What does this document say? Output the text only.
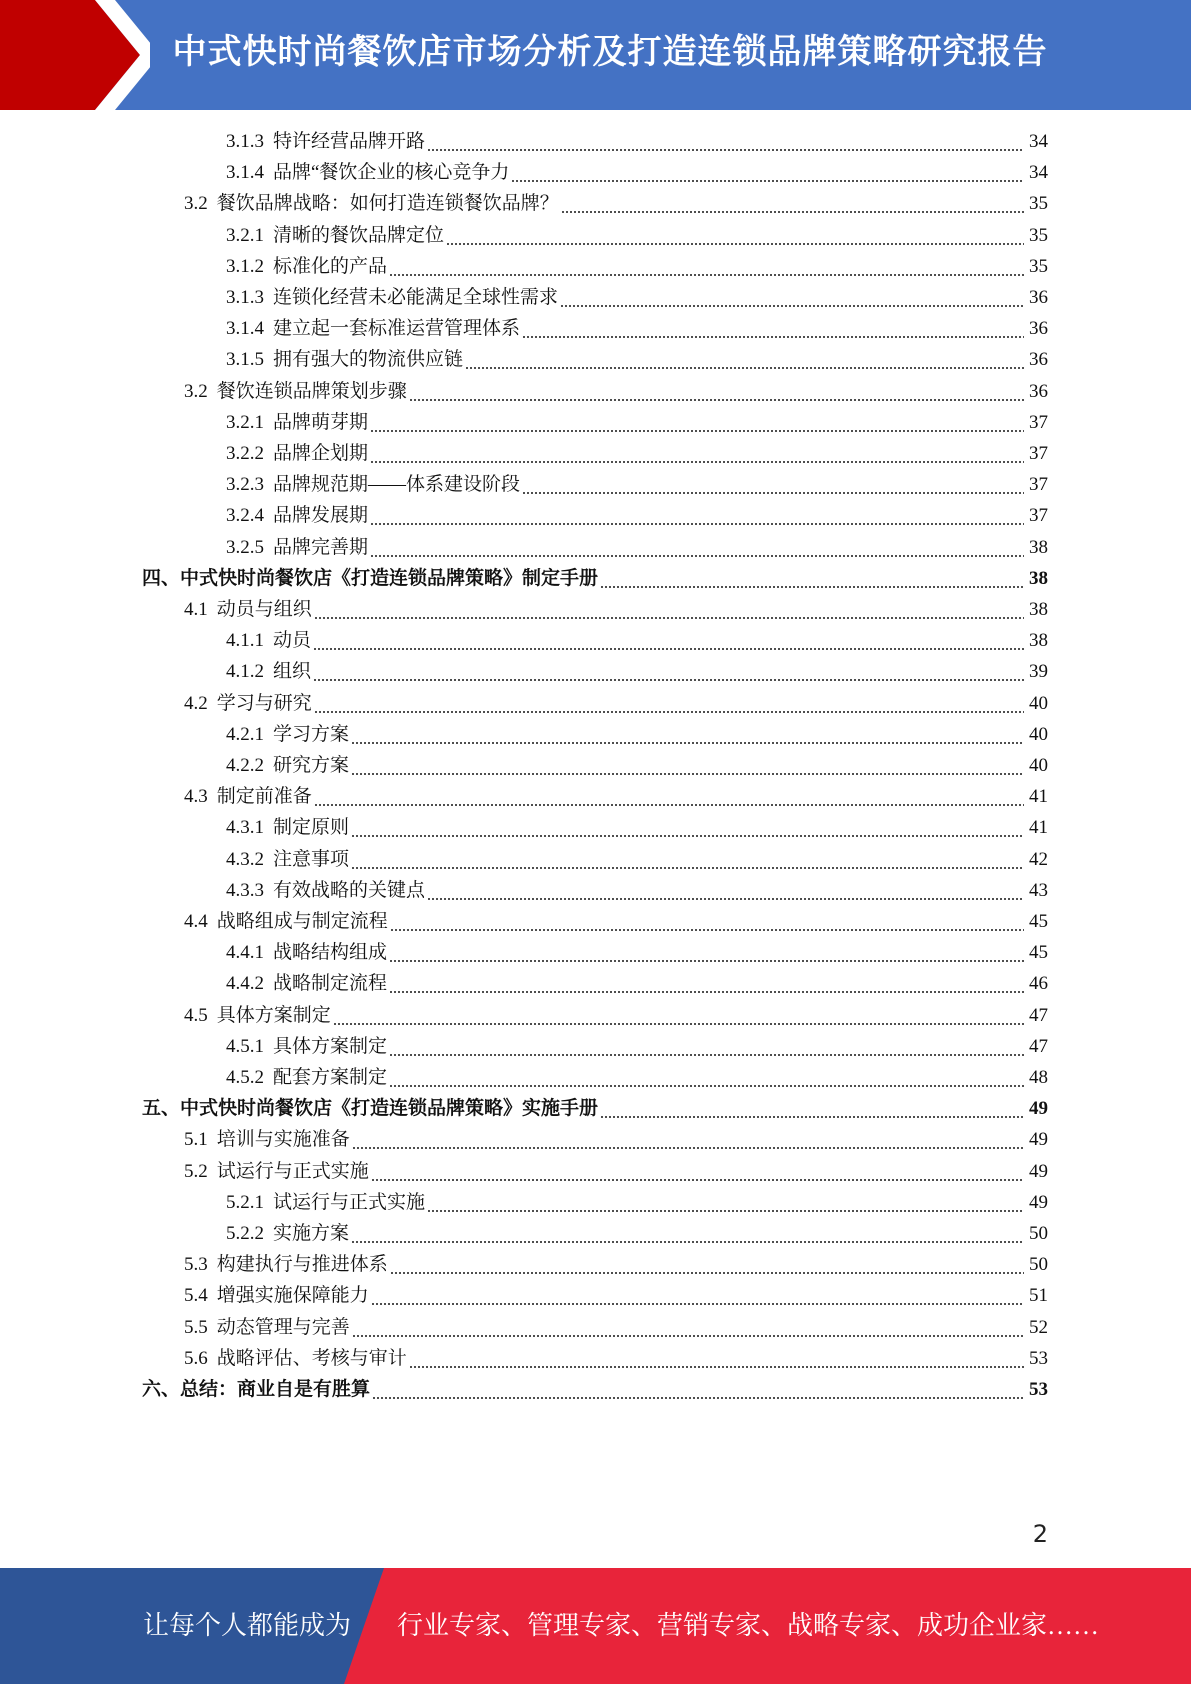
中式快时尚餐饮店市场分析及打造连锁品牌策略研究报告
3.1.3 特许经营品牌开路	34
3.1.4 品牌“餐饮企业的核心竞争力	34
3.2 餐饮品牌战略：如何打造连锁餐饮品牌？	35
3.2.1 清晰的餐饮品牌定位	35
3.1.2 标准化的产品	35
3.1.3 连锁化经营未必能满足全球性需求	36
3.1.4 建立起一套标准运营管理体系	36
3.1.5 拥有强大的物流供应链	36
3.2 餐饮连锁品牌策划步骤	36
3.2.1 品牌萌芽期	37
3.2.2 品牌企划期	37
3.2.3 品牌规范期——体系建设阶段	37
3.2.4 品牌发展期	37
3.2.5 品牌完善期	38
四、中式快时尚餐饮店《打造连锁品牌策略》制定手册	38
4.1 动员与组织	38
4.1.1 动员	38
4.1.2 组织	39
4.2 学习与研究	40
4.2.1 学习方案	40
4.2.2 研究方案	40
4.3 制定前准备	41
4.3.1 制定原则	41
4.3.2 注意事项	42
4.3.3 有效战略的关键点	43
4.4 战略组成与制定流程	45
4.4.1 战略结构组成	45
4.4.2 战略制定流程	46
4.5 具体方案制定	47
4.5.1 具体方案制定	47
4.5.2 配套方案制定	48
五、中式快时尚餐饮店《打造连锁品牌策略》实施手册	49
5.1 培训与实施准备	49
5.2 试运行与正式实施	49
5.2.1 试运行与正式实施	49
5.2.2 实施方案	50
5.3 构建执行与推进体系	50
5.4 增强实施保障能力	51
5.5 动态管理与完善	52
5.6 战略评估、考核与审计	53
六、总结：商业自是有胜算	53
2
让每个人都能成为 行业专家、管理专家、营销专家、战略专家、成功企业家……
